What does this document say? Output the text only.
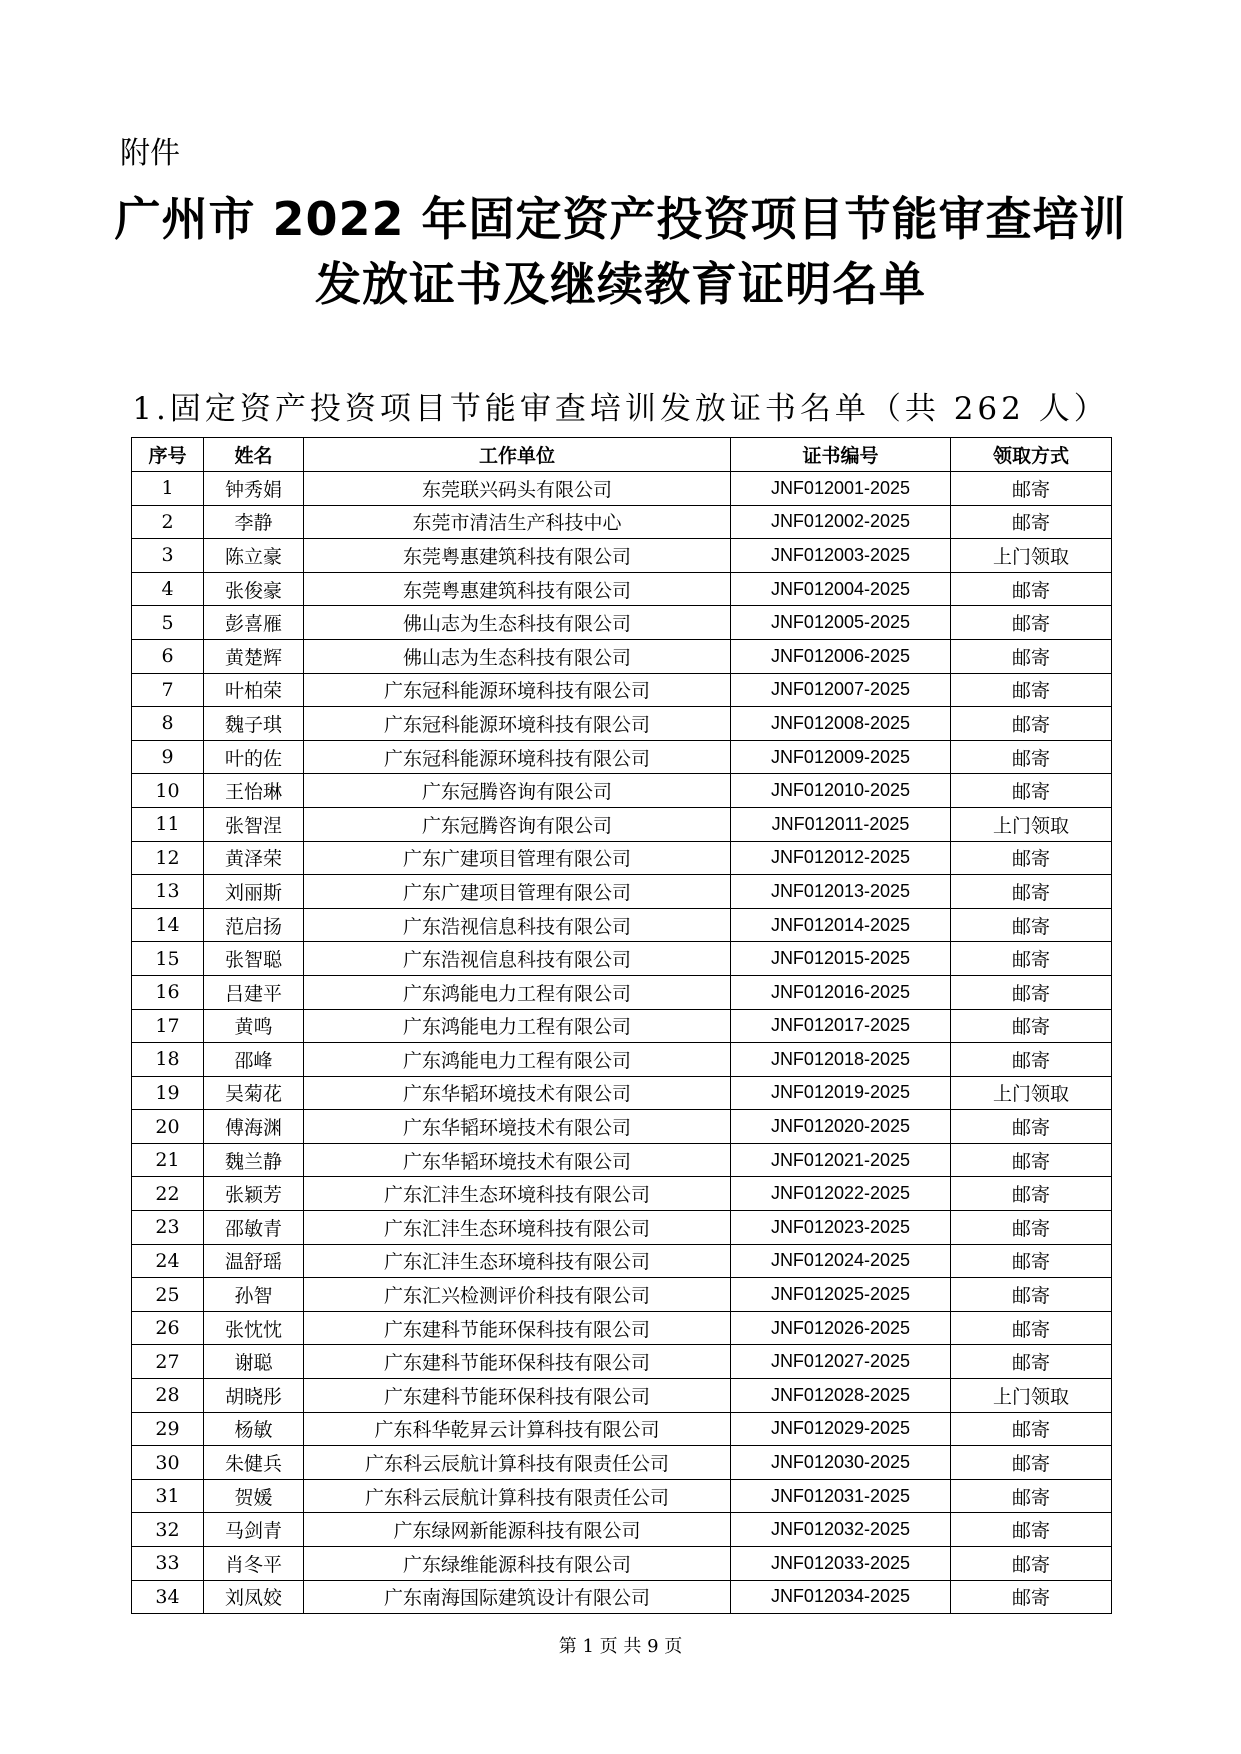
附件
广州市 2022 年固定资产投资项目节能审查培训
发放证书及继续教育证明名单
1.固定资产投资项目节能审查培训发放证书名单（共 262 人）
序号	姓名	工作单位	证书编号	领取方式
1	钟秀娟	东莞联兴码头有限公司	JNF012001-2025	邮寄
2	李静	东莞市清洁生产科技中心	JNF012002-2025	邮寄
3	陈立豪	东莞粤惠建筑科技有限公司	JNF012003-2025	上门领取
4	张俊豪	东莞粤惠建筑科技有限公司	JNF012004-2025	邮寄
5	彭喜雁	佛山志为生态科技有限公司	JNF012005-2025	邮寄
6	黄楚辉	佛山志为生态科技有限公司	JNF012006-2025	邮寄
7	叶柏荣	广东冠科能源环境科技有限公司	JNF012007-2025	邮寄
8	魏子琪	广东冠科能源环境科技有限公司	JNF012008-2025	邮寄
9	叶的佐	广东冠科能源环境科技有限公司	JNF012009-2025	邮寄
10	王怡琳	广东冠腾咨询有限公司	JNF012010-2025	邮寄
11	张智涅	广东冠腾咨询有限公司	JNF012011-2025	上门领取
12	黄泽荣	广东广建项目管理有限公司	JNF012012-2025	邮寄
13	刘丽斯	广东广建项目管理有限公司	JNF012013-2025	邮寄
14	范启扬	广东浩视信息科技有限公司	JNF012014-2025	邮寄
15	张智聪	广东浩视信息科技有限公司	JNF012015-2025	邮寄
16	吕建平	广东鸿能电力工程有限公司	JNF012016-2025	邮寄
17	黄鸣	广东鸿能电力工程有限公司	JNF012017-2025	邮寄
18	邵峰	广东鸿能电力工程有限公司	JNF012018-2025	邮寄
19	吴菊花	广东华韬环境技术有限公司	JNF012019-2025	上门领取
20	傅海渊	广东华韬环境技术有限公司	JNF012020-2025	邮寄
21	魏兰静	广东华韬环境技术有限公司	JNF012021-2025	邮寄
22	张颖芳	广东汇沣生态环境科技有限公司	JNF012022-2025	邮寄
23	邵敏青	广东汇沣生态环境科技有限公司	JNF012023-2025	邮寄
24	温舒瑶	广东汇沣生态环境科技有限公司	JNF012024-2025	邮寄
25	孙智	广东汇兴检测评价科技有限公司	JNF012025-2025	邮寄
26	张忱忱	广东建科节能环保科技有限公司	JNF012026-2025	邮寄
27	谢聪	广东建科节能环保科技有限公司	JNF012027-2025	邮寄
28	胡晓彤	广东建科节能环保科技有限公司	JNF012028-2025	上门领取
29	杨敏	广东科华乾昇云计算科技有限公司	JNF012029-2025	邮寄
30	朱健兵	广东科云辰航计算科技有限责任公司	JNF012030-2025	邮寄
31	贺媛	广东科云辰航计算科技有限责任公司	JNF012031-2025	邮寄
32	马剑青	广东绿网新能源科技有限公司	JNF012032-2025	邮寄
33	肖冬平	广东绿维能源科技有限公司	JNF012033-2025	邮寄
34	刘凤姣	广东南海国际建筑设计有限公司	JNF012034-2025	邮寄
第 1 页 共 9 页
